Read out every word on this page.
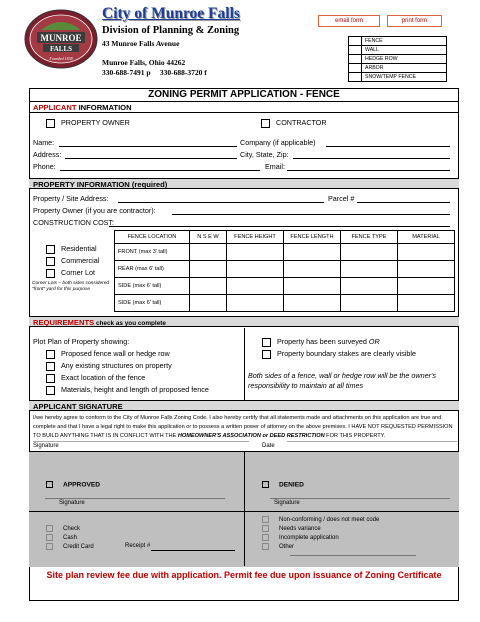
MUNROE
FALLS
Founded 1838
City of Munroe Falls
Division of Planning & Zoning
43 Munroe Falls Avenue
Munroe Falls, Ohio 44262
330-688-7491 p     330-688-3720 f
email form	print form
FENCE
WALL
HEDGE ROW
ARBOR
SNOW/TEMP FENCE
ZONING PERMIT APPLICATION - FENCE
APPLICANT INFORMATION
PROPERTY OWNER	CONTRACTOR
Name:	Company (if applicable)
Address:	City, State, Zip:
Phone:	Email:
PROPERTY INFORMATION (required)
Property / Site Address:	Parcel #
Property Owner (if you are contractor):
CONSTRUCTION COST:
Residential
Commercial
Corner Lot
Corner Lots – both sides considered "front" yard for this purpose
FENCE LOCATION	N S E W	FENCE HEIGHT	FENCE LENGTH	FENCE TYPE	MATERIAL
FRONT (max 3' tall)					
REAR (max 6' tall)					
SIDE (max 6' tall)					
SIDE (max 6' tall)					
REQUIREMENTS check as you complete
Plot Plan of Property showing:
Proposed fence wall or hedge row
Any existing structures on property
Exact location of the fence
Materials, height and length of proposed fence
Property has been surveyed OR
Property boundary stakes are clearly visible
Both sides of a fence, wall or hedge row will be the owner's responsibility to maintain at all times
APPLICANT SIGNATURE
I/we hereby agree to conform to the City of Munroe Falls Zoning Code. I also hereby certify that all statements made and attachments on this application are true and complete and that I have a legal right to make this application or to possess a written power of attorney on the above premises. I HAVE NOT REQUESTED PERMISSION TO BUILD ANYTHING THAT IS IN CONFLICT WITH THE HOMEOWNER'S ASSOCIATION or DEED RESTRICTION FOR THIS PROPERTY.
Signature	Date
APPROVED
Signature
DENIED
Signature
Check
Cash
Credit Card	Receipt #
Non-conforming / does not meet code
Needs variance
Incomplete application
Other
Site plan review fee due with application. Permit fee due upon issuance of Zoning Certificate
